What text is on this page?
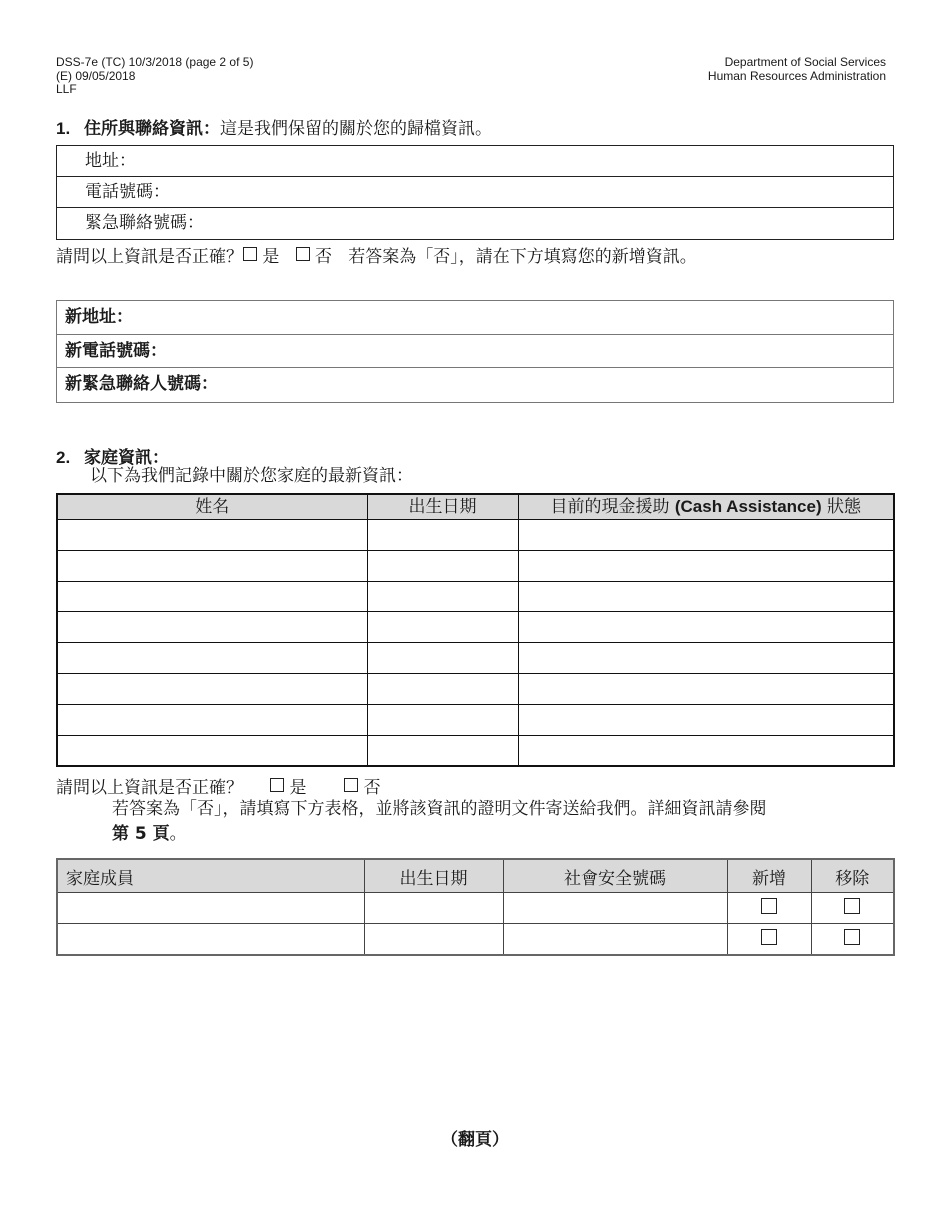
DSS-7e (TC) 10/3/2018 (page 2 of 5)
(E) 09/05/2018
LLF
Department of Social Services
Human Resources Administration
1. 住所與聯絡資訊：這是我們保留的關於您的歸檔資訊。
地址：
電話號碼：
緊急聯絡號碼：
請問以上資訊是否正確？ 是 否 若答案為「否」，請在下方填寫您的新增資訊。
新地址：
新電話號碼：
新緊急聯絡人號碼：
2. 家庭資訊：
以下為我們記錄中關於您家庭的最新資訊：
姓名	出生日期	目前的現金援助 (Cash Assistance) 狀態

請問以上資訊是否正確？	是	否
若答案為「否」，請填寫下方表格，並將該資訊的證明文件寄送給我們。詳細資訊請參閱
第 5 頁。
家庭成員	出生日期	社會安全號碼	新增	移除

（翻頁）
